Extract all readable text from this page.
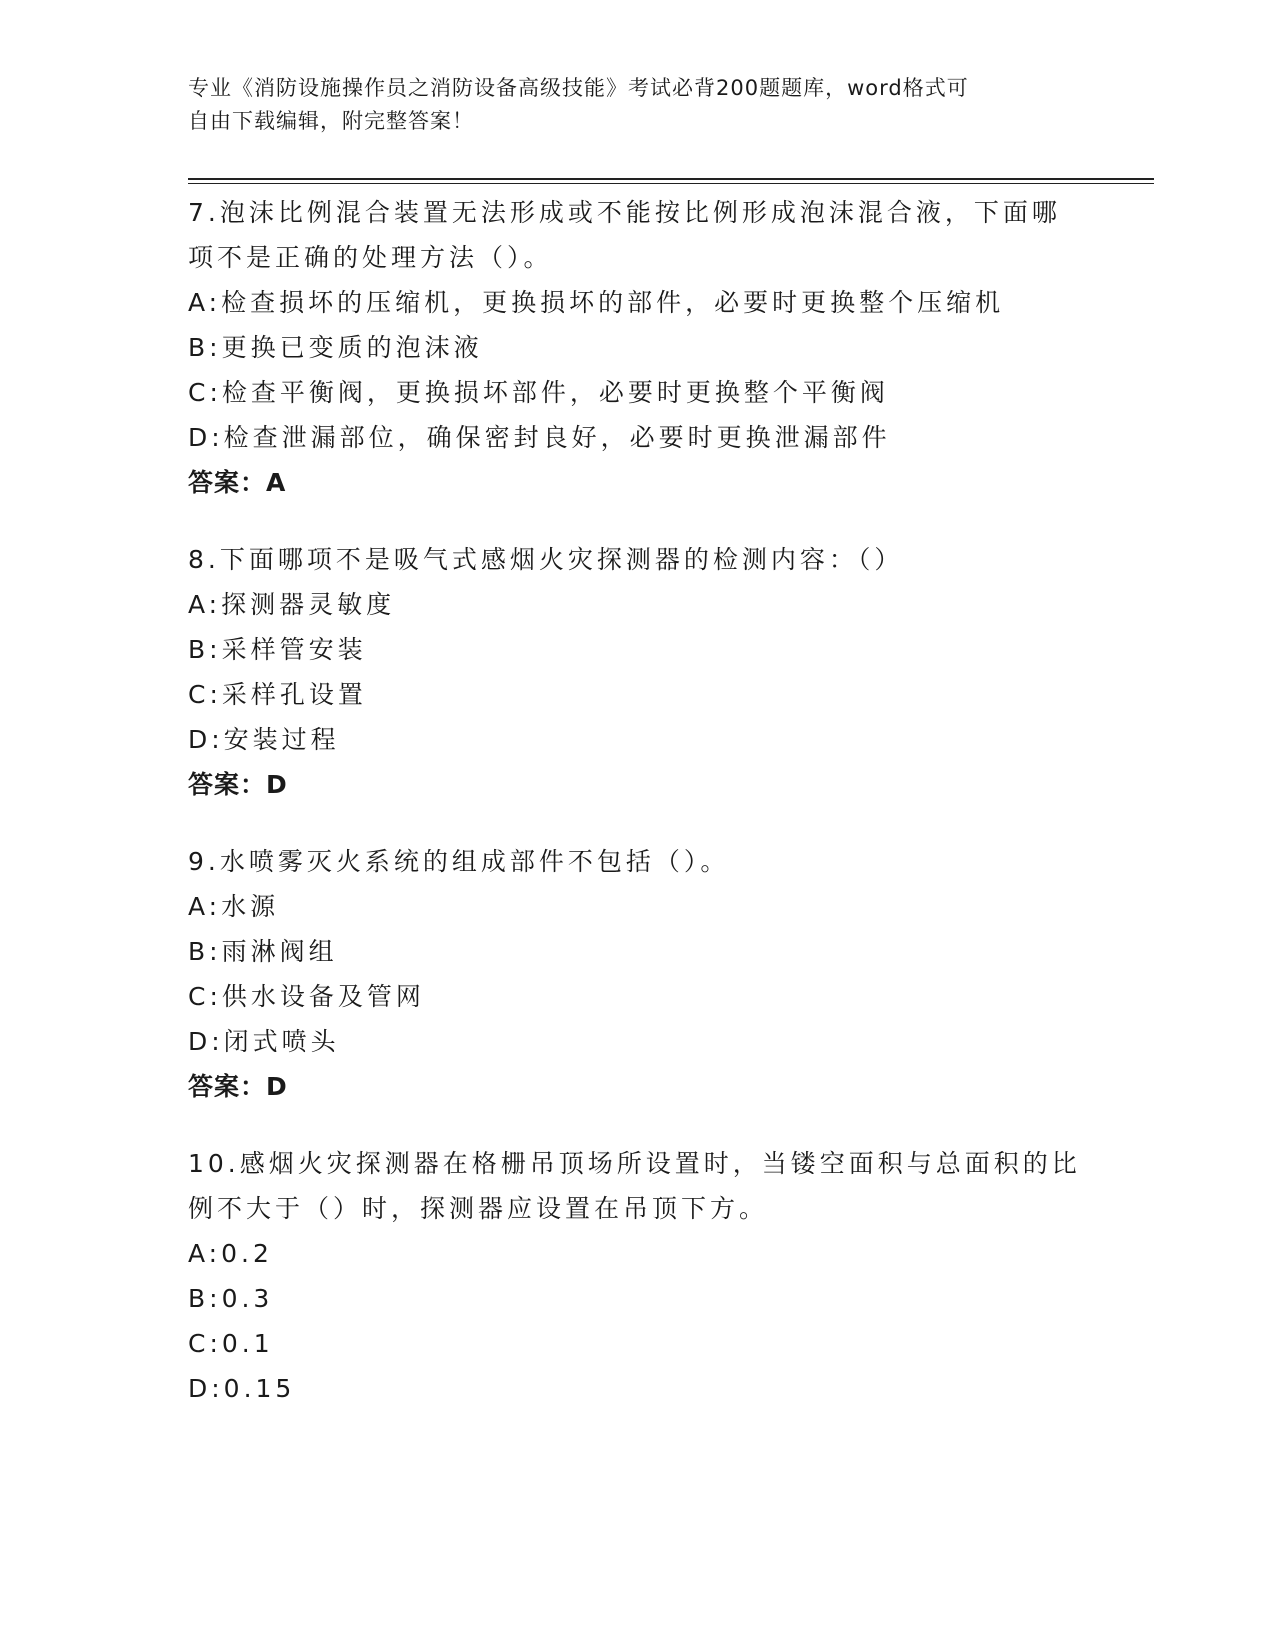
专业《消防设施操作员之消防设备高级技能》考试必背200题题库，word格式可
自由下载编辑，附完整答案！

7.泡沫比例混合装置无法形成或不能按比例形成泡沫混合液，下面哪
项不是正确的处理方法（）。

A:检查损坏的压缩机，更换损坏的部件，必要时更换整个压缩机

B:更换已变质的泡沫液

C:检查平衡阀，更换损坏部件，必要时更换整个平衡阀

D:检查泄漏部位，确保密封良好，必要时更换泄漏部件

答案：A

8.下面哪项不是吸气式感烟火灾探测器的检测内容：（）

A:探测器灵敏度

B:采样管安装

C:采样孔设置

D:安装过程

答案：D

9.水喷雾灭火系统的组成部件不包括（）。

A:水源

B:雨淋阀组

C:供水设备及管网

D:闭式喷头

答案：D

10.感烟火灾探测器在格栅吊顶场所设置时，当镂空面积与总面积的比
例不大于（）时，探测器应设置在吊顶下方。

A:0.2

B:0.3

C:0.1

D:0.15
